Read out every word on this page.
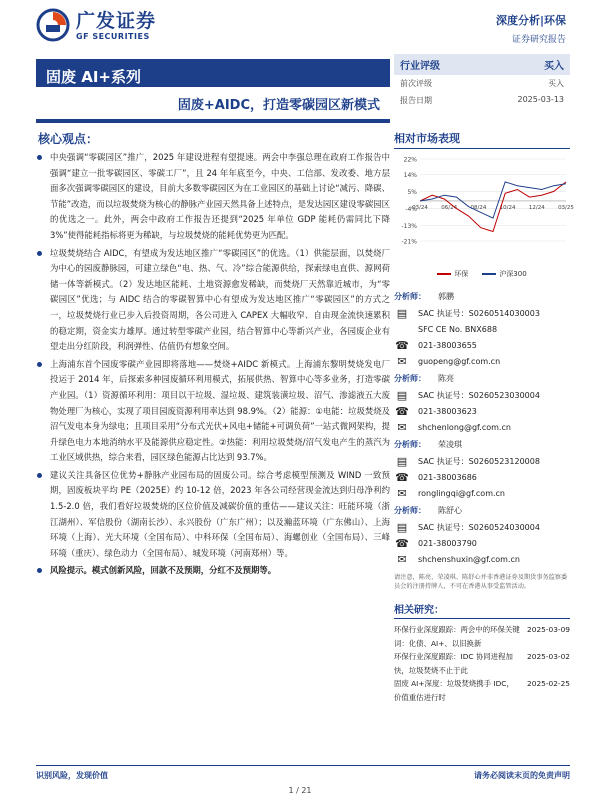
广发证券
GF SECURITIES
深度分析|环保
证券研究报告
固废 AI+系列
固废+AIDC，打造零碳园区新模式
行业评级	买入
前次评级	买入
报告日期	2025-03-13
核心观点：

中央强调“零碳园区”推广，2025 年建设进程有望提速。两会中李强总理在政府工作报告中强调“建立一批零碳园区、零碳工厂”，且 24 年年底至今，中央、工信部、发改委、地方层面多次强调零碳园区的建设，目前大多数零碳园区为在工业园区的基础上讨论“减污、降碳、节能”改造，而以垃圾焚烧为核心的静脉产业园天然具备上述特点，是发达园区建设零碳园区的优选之一。此外，两会中政府工作报告还提到“2025 年单位 GDP 能耗仍需同比下降 3%”使得能耗指标将更为稀缺，与垃圾焚烧的能耗优势更为匹配。

垃圾焚烧结合 AIDC，有望成为发达地区推广“零碳园区”的优选。（1）供能层面，以焚烧厂为中心的园废静脉园，可建立绿色“电、热、气、冷”综合能源供给，探索绿电直供、源网荷储一体等新模式。（2）发达地区能耗、土地资源愈发稀缺，而焚烧厂天然靠近城市，为“零碳园区”优选；与 AIDC 结合的零碳智算中心有望成为发达地区推广“零碳园区”的方式之一，垃圾焚烧行业已步入后投资周期，各公司进入 CAPEX 大幅收窄、自由现金流快速累积的稳定期，资金实力雄厚。通过转型零碳产业园，结合智算中心等新兴产业，各园废企业有望走出分红阶段，利润弹性、估值仍有想象空间。

上海浦东首个园废零碳产业园即将落地——焚烧+AIDC 新模式。上海浦东黎明焚烧发电厂投运于 2014 年，后探索多种园废循环利用模式，拓展供热、智算中心等多业务，打造零碳产业园。（1）资源循环利用：项目以干垃圾、湿垃圾、建筑装潢垃圾、沼气、渗滤液五大废物处理厂为核心，实现了项目园废资源利用率达到 98.9%。（2）能源：①电能：垃圾焚烧及沼气发电本身为绿电；且项目采用“分布式光伏+风电+储能+可调负荷”一站式微网架构，提升绿色电力本地消纳水平及能源供应稳定性。②热能：利用垃圾焚烧/沼气发电产生的蒸汽为工业区域供热，综合来看，园区绿色能源占比达到 93.7%。

建议关注具备区位优势+静脉产业园布局的固废公司。综合考虑模型预测及 WIND 一致预期，固废板块平均 PE（2025E）约 10-12 倍，2023 年各公司经营现金流达到归母净利约 1.5-2.0 倍，我们看好垃圾焚烧的区位价值及减碳价值的重估——建议关注：旺能环境（浙江湖州）、军信股份（湖南长沙）、永兴股份（广东广州）；以及瀚蓝环境（广东佛山）、上海环境（上海）、光大环境（全国布局）、中科环保（全国布局）、海螺创业（全国布局）、三峰环境（重庆）、绿色动力（全国布局）、城发环境（河南郑州）等。

风险提示。模式创新风险，回款不及预期，分红不及预期等。

相对市场表现
22%
14%
5%
-4%
-13%
-21%
03/24 06/24 08/24 10/24 12/24 03/25
环保	沪深300
分析师： 郭鹏
▤	SAC 执证号：S0260514030003
SFC CE No. BNX688
☎ 021-38003655
✉	guopeng@gf.com.cn
分析师： 陈亮
▤	SAC 执证号：S0260523030004
☎ 021-38003623
✉	shchenlong@gf.com.cn
分析师： 荣凌琪
▤	SAC 执证号：S0260523120008
☎ 021-38003686
✉	ronglingqi@gf.com.cn
分析师： 陈舒心
▤	SAC 执证号：S0260524030004
☎ 021-38003790
✉	shchenshuxin@gf.com.cn
请注意，陈亮、荣凌琪、陈舒心并非香港证券及期货事务监察委员会的注册持牌人，不可在香港从事受监管活动。
相关研究：
环保行业深度跟踪：两会中的环保关键词：化债、AI+、以旧换新
2025-03-09
环保行业深度跟踪：IDC 协同进程加快，垃圾焚烧不止于此
2025-03-02
固废 AI+深度：垃圾焚烧携手 IDC，价值重估进行时
2025-02-25
识别风险，发现价值	请务必阅读末页的免责声明
1 / 21
